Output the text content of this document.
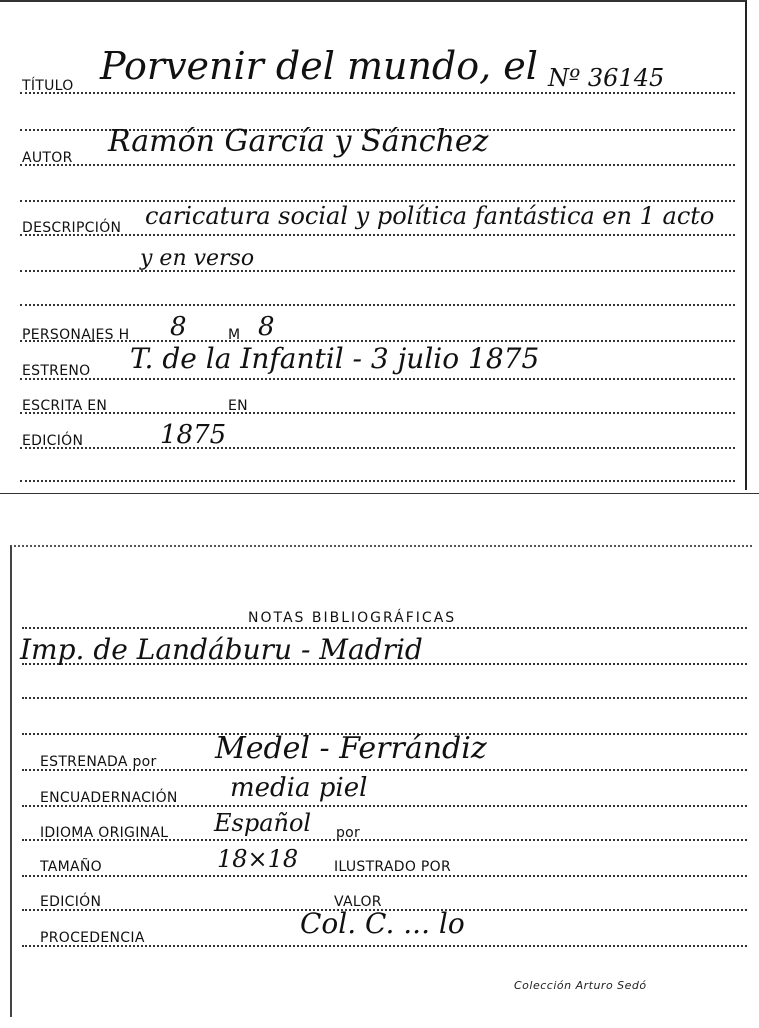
TÍTULO Porvenir del mundo, el Nº 36145
AUTOR Ramón García y Sánchez
DESCRIPCIÓN caricatura social y política fantástica en 1 acto
y en verso
PERSONAJES H 8	M 8
ESTRENO T. de la Infantil - 3 julio 1875
ESCRITA EN	EN
EDICIÓN	1875
NOTAS BIBLIOGRÁFICAS
Imp. de Landáburu - Madrid
ESTRENADA por Medel - Ferrándiz
ENCUADERNACIÓN media piel
IDIOMA ORIGINAL Español por
TAMAÑO	18×18	ILUSTRADO POR
EDICIÓN	VALOR
PROCEDENCIA	Col. C. ... lo
Colección Arturo Sedó
